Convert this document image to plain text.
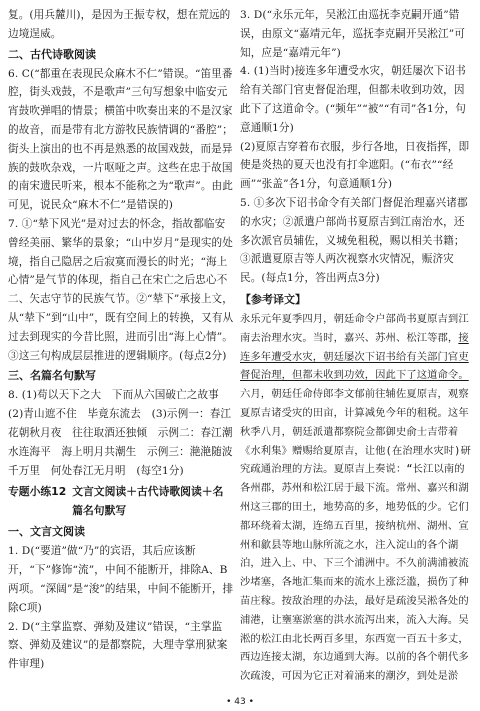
复。(用兵麓川)，是因为王振专权，想在荒远的边境逞威。

二、古代诗歌阅读

6. C(“都重在表现民众麻木不仁”错误。“笛里番腔，街头戏鼓，不是歌声”三句写想象中临安元宵鼓吹弹唱的情景；横笛中吹奏出来的不是汉家的故音，而是带有北方游牧民族情调的“番腔”；街头上演出的也不再是熟悉的故国戏鼓，而是异族的鼓吹杂戏，一片呕哑之声。这些在忠于故国的南宋遗民听来，根本不能称之为“歌声”。由此可见，说民众“麻木不仁”是错误的)

7. ①“辇下风光”是对过去的怀念，指故都临安曾经美丽、繁华的景象；“山中岁月”是现实的处境，指自己隐居之后寂寞而漫长的时光；“海上心情”是气节的体现，指自己在宋亡之后忠心不二、矢志守节的民族气节。②“辇下”承接上文，从“辇下”到“山中”，既有空间上的转换，又有从过去到现实的今昔比照，进而引出“海上心情”。③这三句构成层层推进的逻辑顺序。(每点2分)

三、名篇名句默写

8. (1)苟以天下之大　下而从六国破亡之故事　(2)青山遮不住　毕竟东流去　(3)示例一：春江花朝秋月夜　往往取酒还独倾　示例二：春江潮水连海平　海上明月共潮生　示例三：滟滟随波千万里　何处春江无月明　(每空1分)

专题小练12 文言文阅读＋古代诗歌阅读＋名篇名句默写
一、文言文阅读

1. D(“要道”做“乃”的宾语，其后应该断开，“下”修饰“流”，中间不能断开，排除A、B两项。“深阔”是“浚”的结果，中间不能断开，排除C项)

2. D(“主掌监察、弹劾及建议”错误，“主掌监察、弹劾及建议”的是都察院，大理寺掌刑狱案件审理)

3. D(“永乐元年，吴淞江由巡抚李克嗣开通”错误，由原文“嘉靖元年，巡抚李克嗣开吴淞江”可知，应是“嘉靖元年”)

4. (1)当时)接连多年遭受水灾，朝廷屡次下诏书给有关部门官吏督促治理，但都未收到功效，因此下了这道命令。(“频年”“被”“有司”各1分，句意通顺1分)

(2)夏原吉穿着布衣服，步行各地，日夜指挥，即使是炎热的夏天也没有打伞遮阳。(“布衣”“经画”“张盖”各1分，句意通顺1分)

5. ①多次下诏书命令有关部门督促治理嘉兴诸郡的水灾；②派遣户部尚书夏原吉到江南治水，还多次派官员辅佐，义城免租税，赐以相关书籍；③派遣夏原吉等人两次视察水灾情况，赈济灾民。(每点1分，答出两点3分)

【参考译文】

永乐元年夏季四月，朝廷命令户部尚书夏原吉到江南去治理水灾。当时，嘉兴、苏州、松江等郡，接连多年遭受水灾，朝廷屡次下诏书给有关部门官吏督促治理，但都未收到功效，因此下了这道命令。六月，朝廷任命侍郎李文郁前往辅佐夏原吉，观察夏原吉诸受灾的田亩，计算减免今年的租税。这年秋季八月，朝廷派遣都察院佥都御史俞士吉带着《水利集》赠赐给夏原吉，让他(在治理水灾时)研究疏通治理的方法。夏原吉上奏说：“长江以南的各州郡，苏州和松江居于最下流。常州、嘉兴和湖州这三郡的田土，地势高的多，地势低的少。它们都环绕着太湖，连绵五百里，接纳杭州、湖州、宣州和歙县等地山脉所流之水，注入淀山的各个湖泊，进入上、中、下三个浦洲中。不久前满浦被流沙堵塞，各地汇集而来的流水上涨泛滥，损伤了种苗庄稼。按敌治理的办法，最好是疏浚吴淞各处的浦港，让壅塞淤塞的洪水流泻出来，流入大海。吴淞的松江由北长两百多里，东西宽一百五十多丈，西边连接太湖，东边通到大海。以前的各个朝代多次疏浚，可因为它正对着涌来的潮汐，到处是淤

• 43 •
